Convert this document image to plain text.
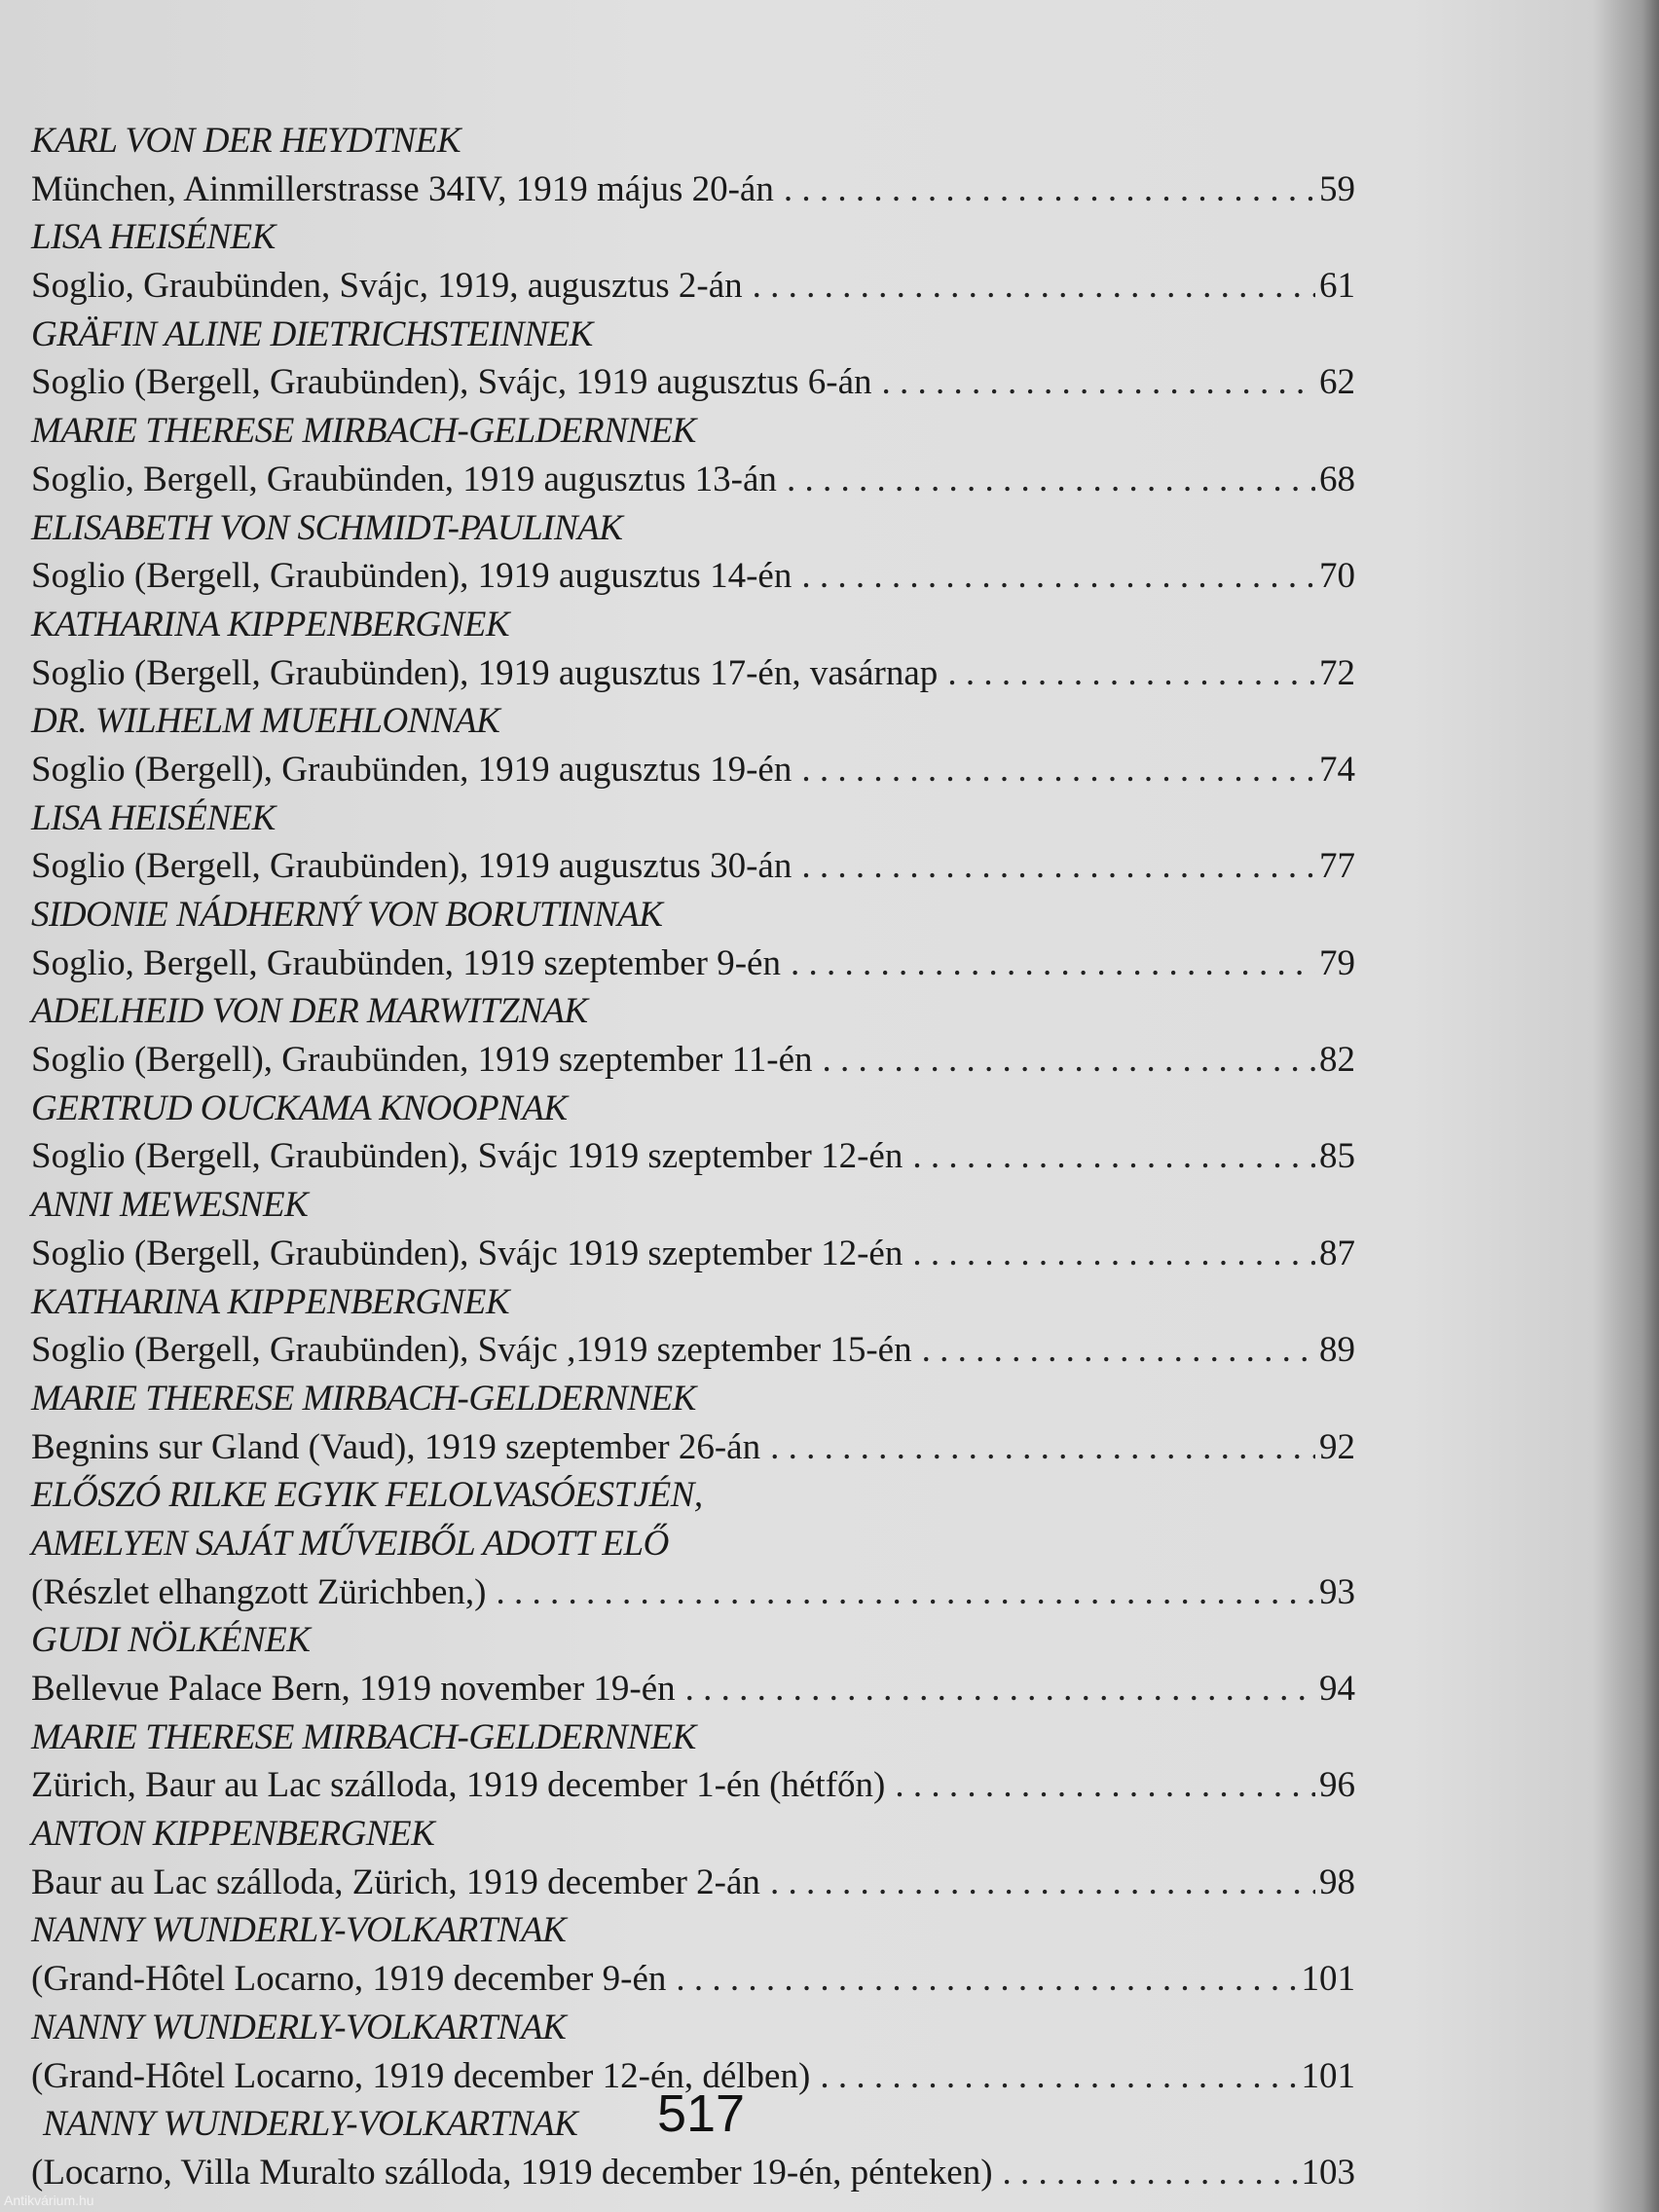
KARL VON DER HEYDTNEK
München, Ainmillerstrasse 34IV, 1919 május 20-án . . .	59
LISA HEISÉNEK
Soglio, Graubünden, Svájc, 1919, augusztus 2-án . . .	61
GRÄFIN ALINE DIETRICHSTEINNEK
Soglio (Bergell, Graubünden), Svájc, 1919 augusztus 6-án . . .	62
MARIE THERESE MIRBACH-GELDERNNEK
Soglio, Bergell, Graubünden, 1919 augusztus 13-án . . .	68
ELISABETH VON SCHMIDT-PAULINAK
Soglio (Bergell, Graubünden), 1919 augusztus 14-én . . .	70
KATHARINA KIPPENBERGNEK
Soglio (Bergell, Graubünden), 1919 augusztus 17-én, vasárnap . . .	72
DR. WILHELM MUEHLONNAK
Soglio (Bergell), Graubünden, 1919 augusztus 19-én . . .	74
LISA HEISÉNEK
Soglio (Bergell, Graubünden), 1919 augusztus 30-án . . .	77
SIDONIE NÁDHERNÝ VON BORUTINNAK
Soglio, Bergell, Graubünden, 1919 szeptember 9-én . . .	79
ADELHEID VON DER MARWITZNAK
Soglio (Bergell), Graubünden, 1919 szeptember 11-én . . .	82
GERTRUD OUCKAMA KNOOPNAK
Soglio (Bergell, Graubünden), Svájc 1919 szeptember 12-én . . .	85
ANNI MEWESNEK
Soglio (Bergell, Graubünden), Svájc 1919 szeptember 12-én . . .	87
KATHARINA KIPPENBERGNEK
Soglio (Bergell, Graubünden), Svájc ,1919 szeptember 15-én . . .	89
MARIE THERESE MIRBACH-GELDERNNEK
Begnins sur Gland (Vaud), 1919 szeptember 26-án . . .	92
ELŐSZÓ RILKE EGYIK FELOLVASÓESTJÉN,
AMELYEN SAJÁT MŰVEIBŐL ADOTT ELŐ
(Részlet elhangzott Zürichben,) . . .	93
GUDI NÖLKÉNEK
Bellevue Palace Bern, 1919 november 19-én . . .	94
MARIE THERESE MIRBACH-GELDERNNEK
Zürich, Baur au Lac szálloda, 1919 december 1-én (hétfőn) . . .	96
ANTON KIPPENBERGNEK
Baur au Lac szálloda, Zürich, 1919 december 2-án . . .	98
NANNY WUNDERLY-VOLKARTNAK
(Grand-Hôtel Locarno, 1919 december 9-én . . .	101
NANNY WUNDERLY-VOLKARTNAK
(Grand-Hôtel Locarno, 1919 december 12-én, délben) . . .	101
NANNY WUNDERLY-VOLKARTNAK
(Locarno, Villa Muralto szálloda, 1919 december 19-én, pénteken) . . .	103
517
Antikvárium.hu
